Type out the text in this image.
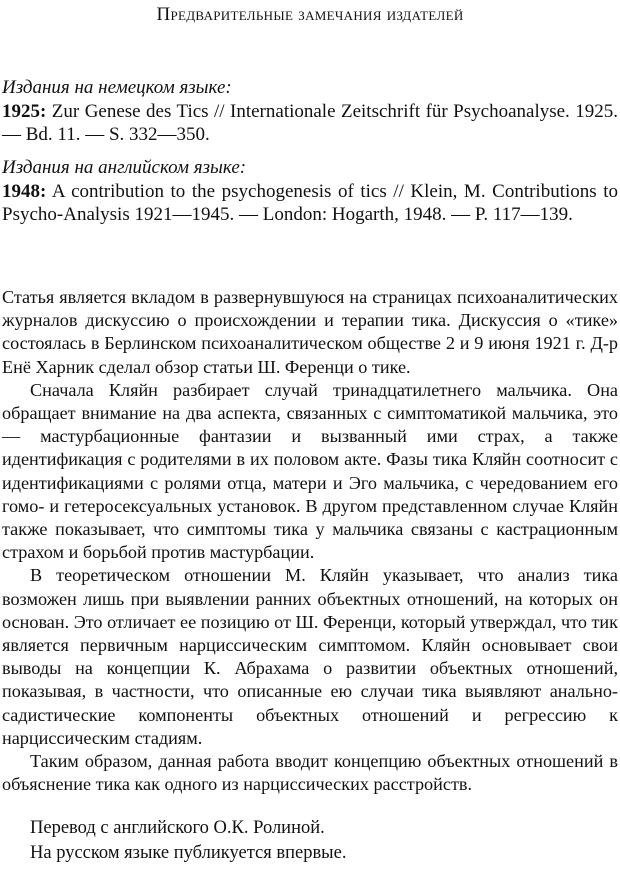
Предварительные замечания издателей
Издания на немецком языке:
1925: Zur Genese des Tics // Internationale Zeitschrift für Psychoanalyse. 1925. — Bd. 11. — S. 332—350.
Издания на английском языке:
1948: A contribution to the psychogenesis of tics // Klein, M. Contributions to Psycho-Analysis 1921—1945. — London: Hogarth, 1948. — P. 117—139.

Статья является вкладом в развернувшуюся на страницах психоаналитических журналов дискуссию о происхождении и терапии тика. Дискуссия о «тике» состоялась в Берлинском психоаналитическом обществе 2 и 9 июня 1921 г. Д-р Енё Харник сделал обзор статьи Ш. Ференци о тике.

Сначала Кляйн разбирает случай тринадцатилетнего мальчика. Она обращает внимание на два аспекта, связанных с симптоматикой мальчика, это — мастурбационные фантазии и вызванный ими страх, а также идентификация с родителями в их половом акте. Фазы тика Кляйн соотносит с идентификациями с ролями отца, матери и Эго мальчика, с чередованием его гомо- и гетеросексуальных установок. В другом представленном случае Кляйн также показывает, что симптомы тика у мальчика связаны с кастрационным страхом и борьбой против мастурбации.

В теоретическом отношении М. Кляйн указывает, что анализ тика возможен лишь при выявлении ранних объектных отношений, на которых он основан. Это отличает ее позицию от Ш. Ференци, который утверждал, что тик является первичным нарциссическим симптомом. Кляйн основывает свои выводы на концепции К. Абрахама о развитии объектных отношений, показывая, в частности, что описанные ею случаи тика выявляют анально-садистические компоненты объектных отношений и регрессию к нарциссическим стадиям.

Таким образом, данная работа вводит концепцию объектных отношений в объяснение тика как одного из нарциссических расстройств.

Перевод с английского О.К. Ролиной.
На русском языке публикуется впервые.
